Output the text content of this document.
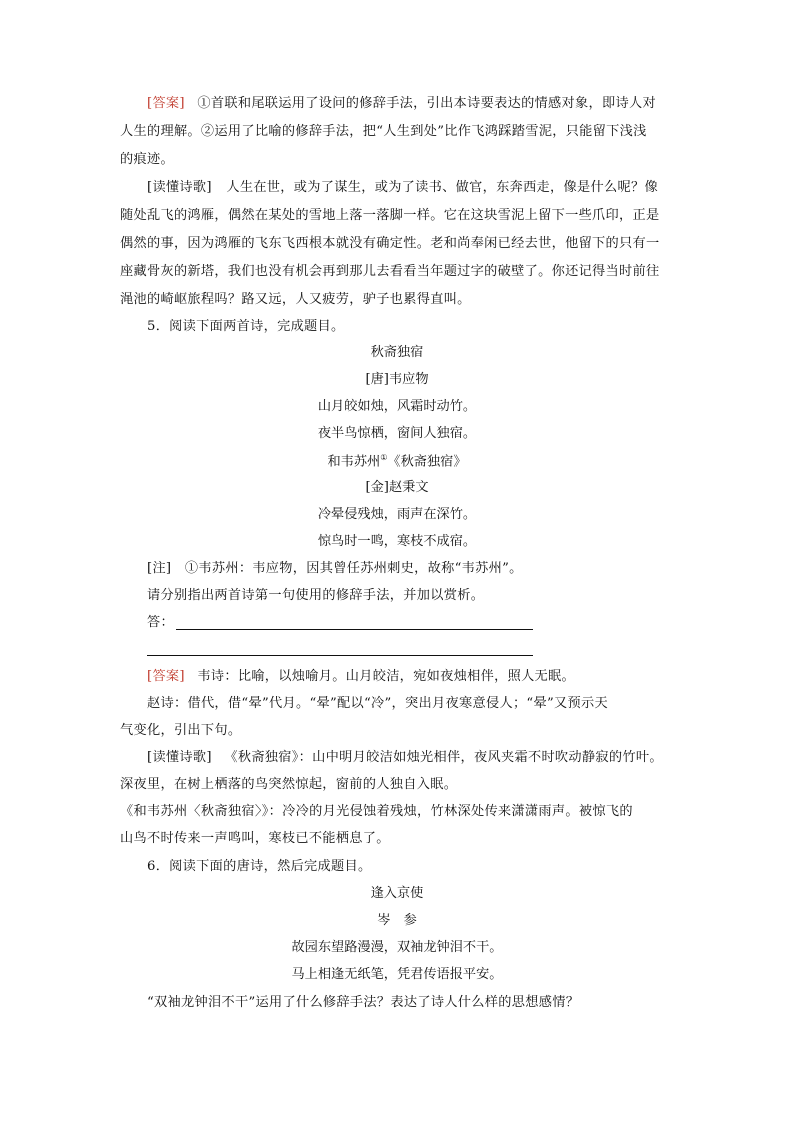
[答案] ①首联和尾联运用了设问的修辞手法，引出本诗要表达的情感对象，即诗人对
人生的理解。②运用了比喻的修辞手法，把“人生到处”比作飞鸿踩踏雪泥，只能留下浅浅
的痕迹。
[读懂诗歌] 人生在世，或为了谋生，或为了读书、做官，东奔西走，像是什么呢？像
随处乱飞的鸿雁，偶然在某处的雪地上落一落脚一样。它在这块雪泥上留下一些爪印，正是
偶然的事，因为鸿雁的飞东飞西根本就没有确定性。老和尚奉闲已经去世，他留下的只有一
座藏骨灰的新塔，我们也没有机会再到那儿去看看当年题过字的破壁了。你还记得当时前往
渑池的崎岖旅程吗？路又远，人又疲劳，驴子也累得直叫。
5．阅读下面两首诗，完成题目。
秋斋独宿
[唐]韦应物
山月皎如烛，风霜时动竹。
夜半鸟惊栖，窗间人独宿。
和韦苏州①《秋斋独宿》
[金]赵秉文
冷晕侵残烛，雨声在深竹。
惊鸟时一鸣，寒枝不成宿。
[注]　①韦苏州：韦应物，因其曾任苏州刺史，故称“韦苏州”。
请分别指出两首诗第一句使用的修辞手法，并加以赏析。
答：
[答案] 韦诗：比喻，以烛喻月。山月皎洁，宛如夜烛相伴，照人无眠。
赵诗：借代，借“晕”代月。“晕”配以“冷”，突出月夜寒意侵人；“晕”又预示天
气变化，引出下句。
[读懂诗歌] 《秋斋独宿》：山中明月皎洁如烛光相伴，夜风夹霜不时吹动静寂的竹叶。
深夜里，在树上栖落的鸟突然惊起，窗前的人独自入眠。
《和韦苏州〈秋斋独宿〉》：冷冷的月光侵蚀着残烛，竹林深处传来潇潇雨声。被惊飞的
山鸟不时传来一声鸣叫，寒枝已不能栖息了。
6．阅读下面的唐诗，然后完成题目。
逢入京使
岑　参
故园东望路漫漫，双袖龙钟泪不干。
马上相逢无纸笔，凭君传语报平安。
“双袖龙钟泪不干”运用了什么修辞手法？表达了诗人什么样的思想感情？
